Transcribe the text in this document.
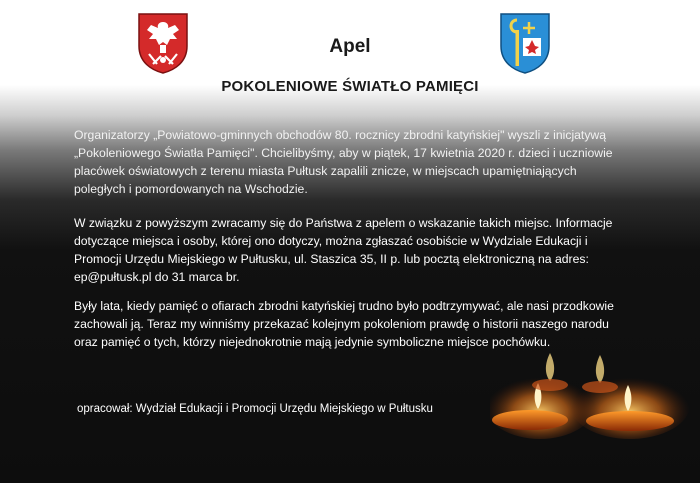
Apel
POKOLENIOWE ŚWIATŁO PAMIĘCI

Organizatorzy „Powiatowo-gminnych obchodów 80. rocznicy zbrodni katyńskiej" wyszli z inicjatywą „Pokoleniowego Światła Pamięci". Chcielibyśmy, aby w piątek, 17 kwietnia 2020 r. dzieci i uczniowie placówek oświatowych z terenu miasta Pułtusk zapalili znicze, w miejscach upamiętniających poległych i pomordowanych na Wschodzie.

W związku z powyższym zwracamy się do Państwa z apelem o wskazanie takich miejsc. Informacje dotyczące miejsca i osoby, której ono dotyczy, można zgłaszać osobiście w Wydziale Edukacji i Promocji Urzędu Miejskiego w Pułtusku, ul. Staszica 35, II p. lub pocztą elektroniczną na adres: ep@pułtusk.pl do 31 marca br.

Były lata, kiedy pamięć o ofiarach zbrodni katyńskiej trudno było podtrzymywać, ale nasi przodkowie zachowali ją. Teraz my winniśmy przekazać kolejnym pokoleniom prawdę o historii naszego narodu oraz pamięć o tych, którzy niejednokrotnie mają jedynie symboliczne miejsce pochówku.

opracował: Wydział Edukacji i Promocji Urzędu Miejskiego w Pułtusku
